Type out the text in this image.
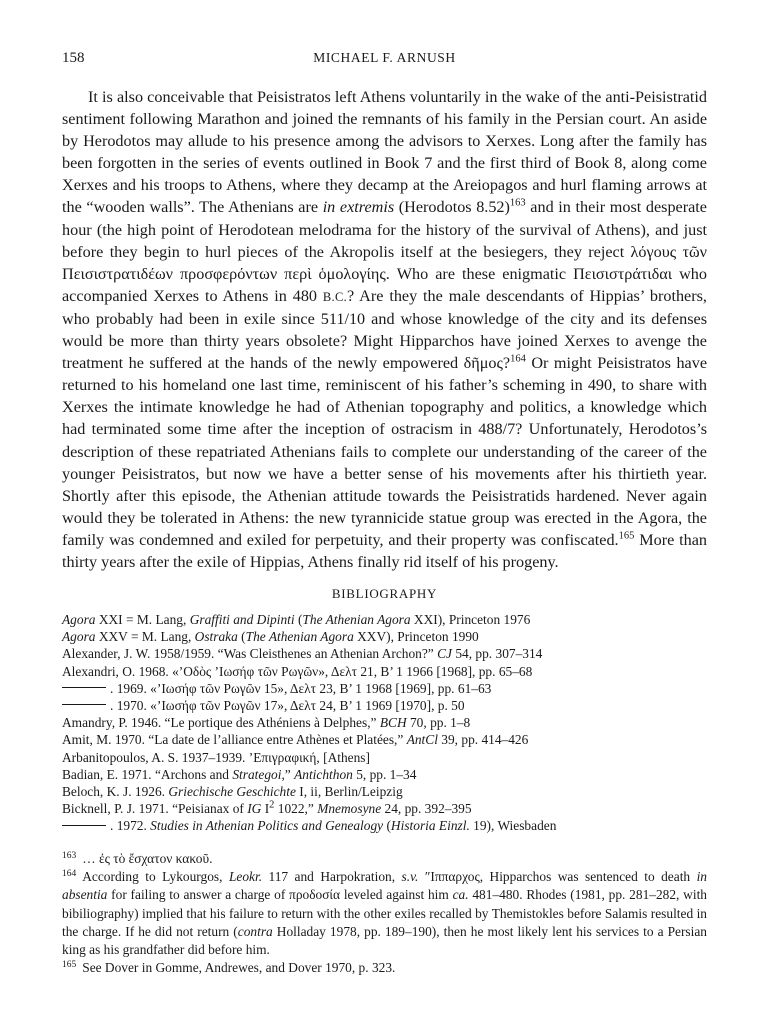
158	MICHAEL F. ARNUSH

It is also conceivable that Peisistratos left Athens voluntarily in the wake of the anti-Peisistratid sentiment following Marathon and joined the remnants of his family in the Persian court. An aside by Herodotos may allude to his presence among the advisors to Xerxes. Long after the family has been forgotten in the series of events outlined in Book 7 and the first third of Book 8, along come Xerxes and his troops to Athens, where they decamp at the Areiopagos and hurl flaming arrows at the “wooden walls”. The Athenians are in extremis (Herodotos 8.52)$^{163}$ and in their most desperate hour (the high point of Herodotean melodrama for the history of the survival of Athens), and just before they begin to hurl pieces of the Akropolis itself at the besiegers, they reject λόγους τῶν Πεισιστρατιδέων προσφερόντων περὶ ὁμολογίης. Who are these enigmatic Πεισιστράτιδαι who accompanied Xerxes to Athens in 480 B.C.? Are they the male descendants of Hippias’ brothers, who probably had been in exile since 511/10 and whose knowledge of the city and its defenses would be more than thirty years obsolete? Might Hipparchos have joined Xerxes to avenge the treatment he suffered at the hands of the newly empowered δῆμος?$^{164}$ Or might Peisistratos have returned to his homeland one last time, reminiscent of his father’s scheming in 490, to share with Xerxes the intimate knowledge he had of Athenian topography and politics, a knowledge which had terminated some time after the inception of ostracism in 488/7? Unfortunately, Herodotos’s description of these repatriated Athenians fails to complete our understanding of the career of the younger Peisistratos, but now we have a better sense of his movements after his thirtieth year. Shortly after this episode, the Athenian attitude towards the Peisistratids hardened. Never again would they be tolerated in Athens: the new tyrannicide statue group was erected in the Agora, the family was condemned and exiled for perpetuity, and their property was confiscated.$^{165}$ More than thirty years after the exile of Hippias, Athens finally rid itself of his progeny.

BIBLIOGRAPHY
Agora XXI = M. Lang, Graffiti and Dipinti (The Athenian Agora XXI), Princeton 1976
Agora XXV = M. Lang, Ostraka (The Athenian Agora XXV), Princeton 1990
Alexander, J. W. 1958/1959. “Was Cleisthenes an Athenian Archon?” CJ 54, pp. 307–314
Alexandri, O. 1968. «’Οδὸς ’Ιωσήφ τῶν Ρωγῶν», Δελτ 21, Β’ 1 1966 [1968], pp. 65–68
. 1969. «’Ιωσήφ τῶν Ρωγῶν 15», Δελτ 23, Β’ 1 1968 [1969], pp. 61–63
. 1970. «’Ιωσήφ τῶν Ρωγῶν 17», Δελτ 24, Β’ 1 1969 [1970], p. 50
Amandry, P. 1946. “Le portique des Athéniens à Delphes,” BCH 70, pp. 1–8
Amit, M. 1970. “La date de l’alliance entre Athènes et Platées,” AntCl 39, pp. 414–426
Arbanitopoulos, A. S. 1937–1939. ’Επιγραφική, [Athens]
Badian, E. 1971. “Archons and Strategoi,” Antichthon 5, pp. 1–34
Beloch, K. J. 1926. Griechische Geschichte I, ii, Berlin/Leipzig
Bicknell, P. J. 1971. “Peisianax of IG $I^2$ 1022,” Mnemosyne 24, pp. 392–395
. 1972. Studies in Athenian Politics and Genealogy (Historia Einzl. 19), Wiesbaden

$^{163}$ … ἐς τὸ ἔσχατον κακοῦ.

$^{164}$ According to Lykourgos, Leokr. 117 and Harpokration, s.v. ″Ιππαρχος, Hipparchos was sentenced to death in absentia for failing to answer a charge of προδοσία leveled against him ca. 481–480. Rhodes (1981, pp. 281–282, with bibiliography) implied that his failure to return with the other exiles recalled by Themistokles before Salamis resulted in the charge. If he did not return (contra Holladay 1978, pp. 189–190), then he most likely lent his services to a Persian king as his grandfather did before him.

$^{165}$ See Dover in Gomme, Andrewes, and Dover 1970, p. 323.
